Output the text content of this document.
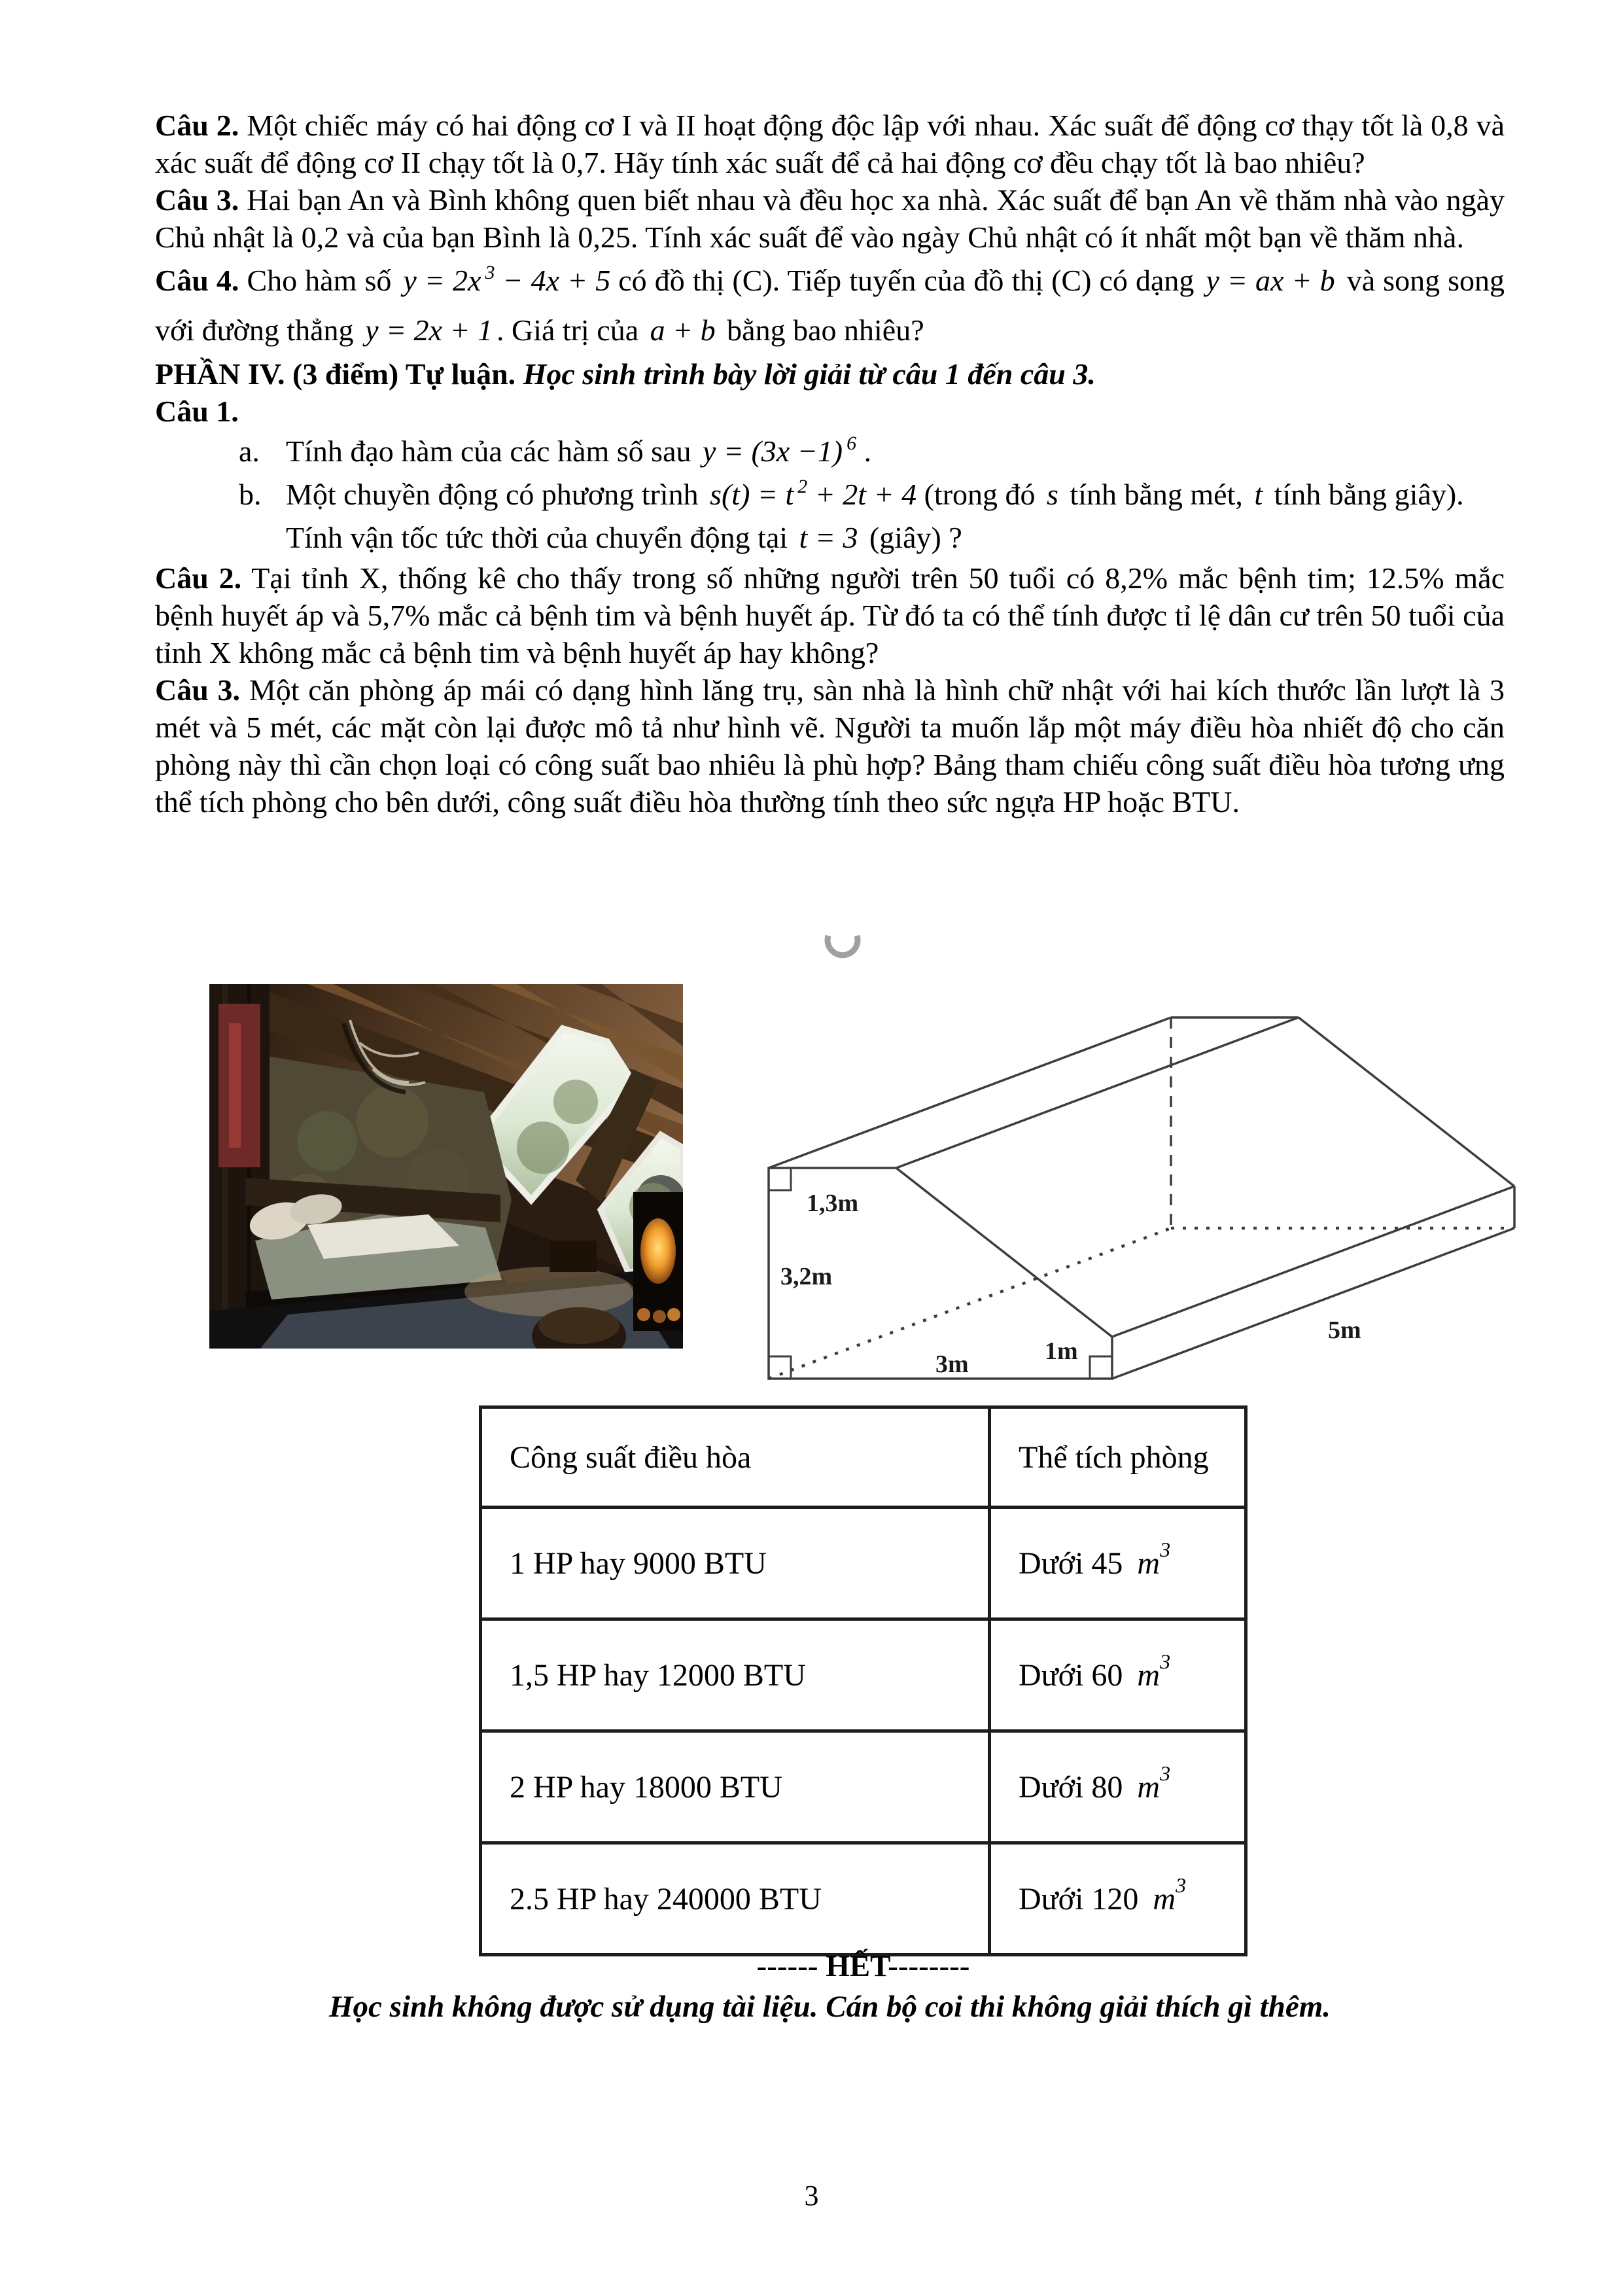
Câu 2. Một chiếc máy có hai động cơ I và II hoạt động độc lập với nhau. Xác suất để động cơ thạy tốt là 0,8 và xác suất để động cơ II chạy tốt là 0,7. Hãy tính xác suất để cả hai động cơ đều chạy tốt là bao nhiêu?

Câu 3. Hai bạn An và Bình không quen biết nhau và đều học xa nhà. Xác suất để bạn An về thăm nhà vào ngày Chủ nhật là 0,2 và của bạn Bình là 0,25. Tính xác suất để vào ngày Chủ nhật có ít nhất một bạn về thăm nhà.

Câu 4. Cho hàm số y = 2x $^3$ − 4x + 5 có đồ thị (C). Tiếp tuyến của đồ thị (C) có dạng y = ax + b và song song với đường thẳng y = 2x + 1 . Giá trị của a + b bằng bao nhiêu?

PHẦN IV. (3 điểm) Tự luận. Học sinh trình bày lời giải từ câu 1 đến câu 3.

Câu 1.

a. Tính đạo hàm của các hàm số sau y = (3x −1) $^6$ .
b. Một chuyền động có phương trình s(t) = t $^2$ + 2t + 4 (trong đó s tính bằng mét, t tính bằng giây).
Tính vận tốc tức thời của chuyển động tại t = 3 (giây) ?

Câu 2. Tại tỉnh X, thống kê cho thấy trong số những người trên 50 tuổi có 8,2% mắc bệnh tim; 12.5% mắc bệnh huyết áp và 5,7% mắc cả bệnh tim và bệnh huyết áp. Từ đó ta có thể tính được tỉ lệ dân cư trên 50 tuổi của tỉnh X không mắc cả bệnh tim và bệnh huyết áp hay không?

Câu 3. Một căn phòng áp mái có dạng hình lăng trụ, sàn nhà là hình chữ nhật với hai kích thước lần lượt là 3 mét và 5 mét, các mặt còn lại được mô tả như hình vẽ. Người ta muốn lắp một máy điều hòa nhiết độ cho căn phòng này thì cần chọn loại có công suất bao nhiêu là phù hợp? Bảng tham chiếu công suất điều hòa tương ưng thể tích phòng cho bên dưới, công suất điều hòa thường tính theo sức ngựa HP hoặc BTU.

1,3m
3,2m
3m	1m
5m
Công suất điều hòa	Thể tích phòng
1 HP hay 9000 BTU	Dưới 45 $m^3$
1,5 HP hay 12000 BTU	Dưới 60 $m^3$
2 HP hay 18000 BTU	Dưới 80 $m^3$
2.5 HP hay 240000 BTU	Dưới 120 $m^3$
------ HẾT--------
Học sinh không được sử dụng tài liệu. Cán bộ coi thi không giải thích gì thêm.
3
